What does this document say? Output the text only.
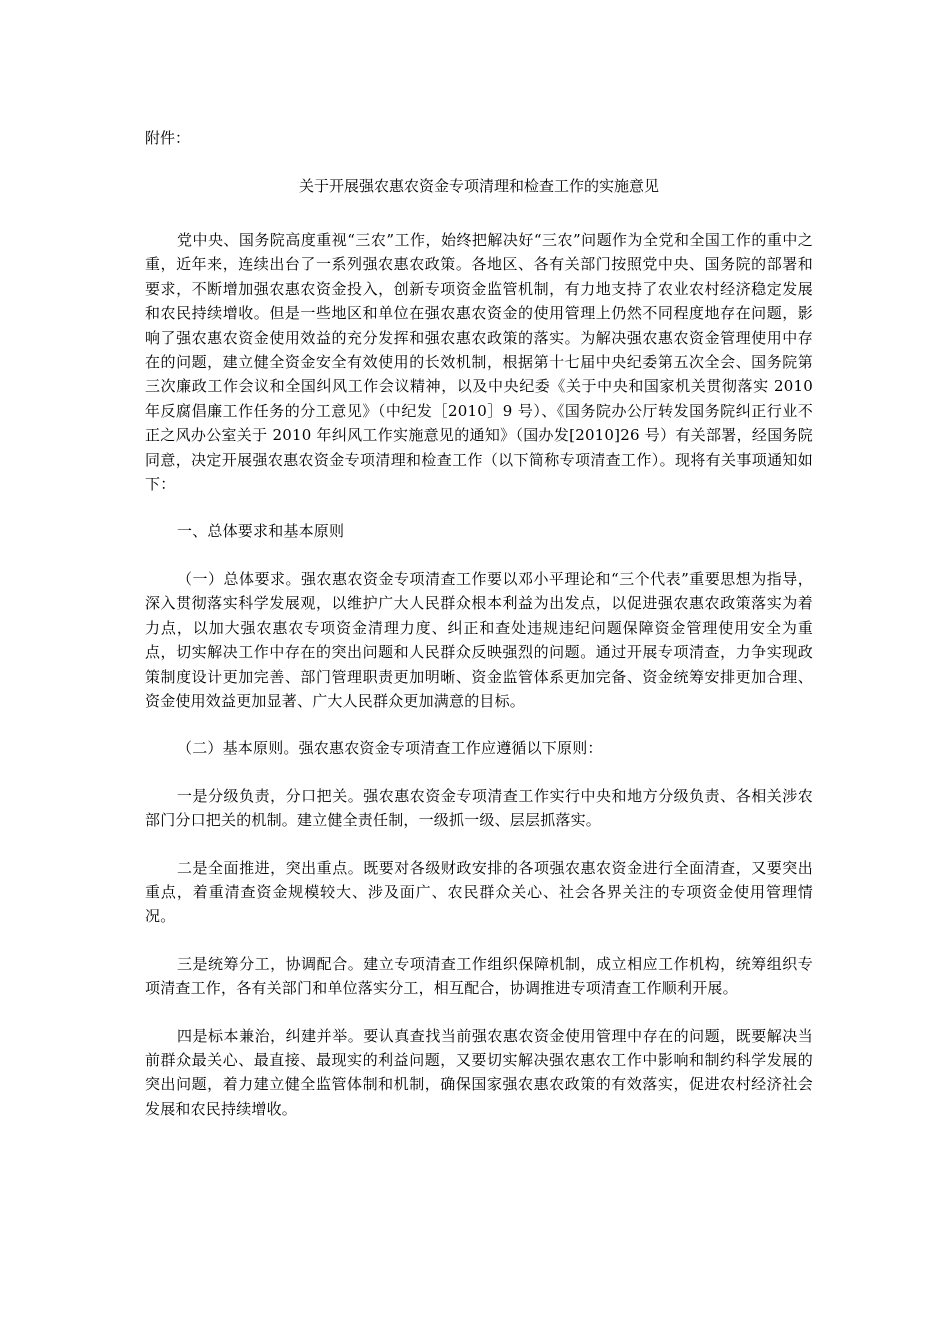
附件：

关于开展强农惠农资金专项清理和检查工作的实施意见

党中央、国务院高度重视“三农”工作，始终把解决好“三农”问题作为全党和全国工作的重中之重，近年来，连续出台了一系列强农惠农政策。各地区、各有关部门按照党中央、国务院的部署和要求，不断增加强农惠农资金投入，创新专项资金监管机制，有力地支持了农业农村经济稳定发展和农民持续增收。但是一些地区和单位在强农惠农资金的使用管理上仍然不同程度地存在问题，影响了强农惠农资金使用效益的充分发挥和强农惠农政策的落实。为解决强农惠农资金管理使用中存在的问题，建立健全资金安全有效使用的长效机制，根据第十七届中央纪委第五次全会、国务院第三次廉政工作会议和全国纠风工作会议精神，以及中央纪委《关于中央和国家机关贯彻落实 2010 年反腐倡廉工作任务的分工意见》（中纪发［2010］9 号）、《国务院办公厅转发国务院纠正行业不正之风办公室关于 2010 年纠风工作实施意见的通知》（国办发[2010]26 号）有关部署，经国务院同意，决定开展强农惠农资金专项清理和检查工作（以下简称专项清查工作）。现将有关事项通知如下：

一、总体要求和基本原则

（一）总体要求。强农惠农资金专项清查工作要以邓小平理论和“三个代表”重要思想为指导，深入贯彻落实科学发展观，以维护广大人民群众根本利益为出发点，以促进强农惠农政策落实为着力点，以加大强农惠农专项资金清理力度、纠正和查处违规违纪问题保障资金管理使用安全为重点，切实解决工作中存在的突出问题和人民群众反映强烈的问题。通过开展专项清查，力争实现政策制度设计更加完善、部门管理职责更加明晰、资金监管体系更加完备、资金统筹安排更加合理、资金使用效益更加显著、广大人民群众更加满意的目标。

（二）基本原则。强农惠农资金专项清查工作应遵循以下原则：

一是分级负责，分口把关。强农惠农资金专项清查工作实行中央和地方分级负责、各相关涉农部门分口把关的机制。建立健全责任制，一级抓一级、层层抓落实。

二是全面推进，突出重点。既要对各级财政安排的各项强农惠农资金进行全面清查，又要突出重点，着重清查资金规模较大、涉及面广、农民群众关心、社会各界关注的专项资金使用管理情况。

三是统筹分工，协调配合。建立专项清查工作组织保障机制，成立相应工作机构，统筹组织专项清查工作，各有关部门和单位落实分工，相互配合，协调推进专项清查工作顺利开展。

四是标本兼治，纠建并举。要认真查找当前强农惠农资金使用管理中存在的问题，既要解决当前群众最关心、最直接、最现实的利益问题，又要切实解决强农惠农工作中影响和制约科学发展的突出问题，着力建立健全监管体制和机制，确保国家强农惠农政策的有效落实，促进农村经济社会发展和农民持续增收。
